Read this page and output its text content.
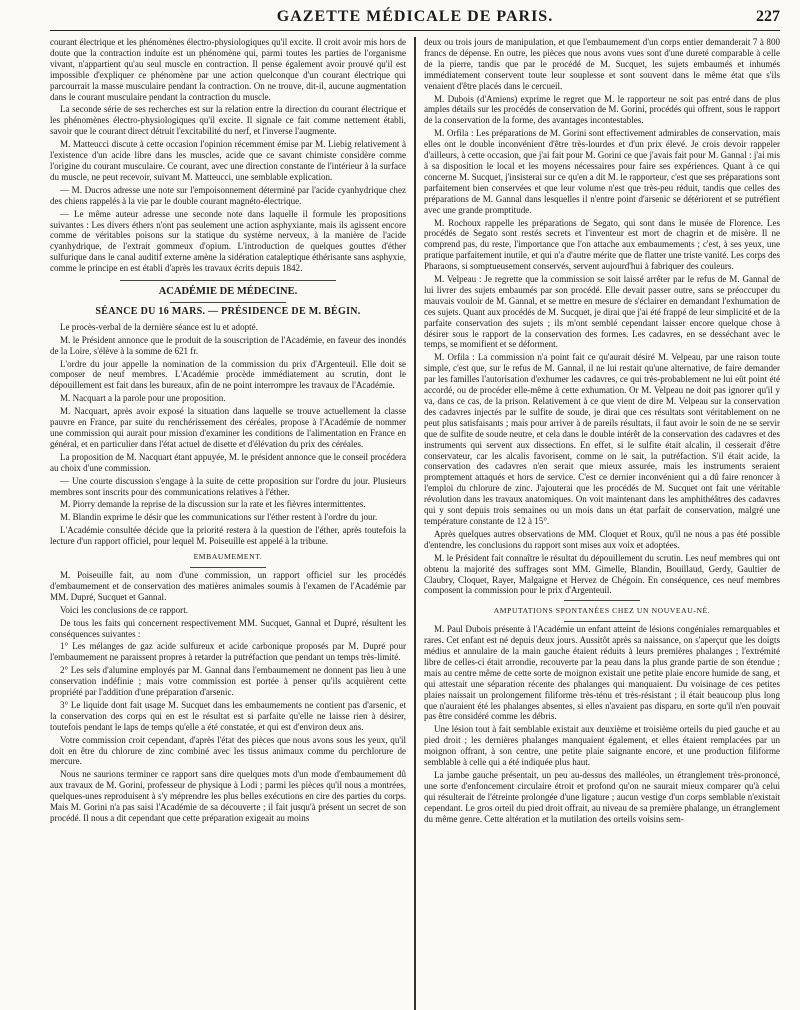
GAZETTE MÉDICALE DE PARIS.	227

courant électrique et les phénomènes électro-physiologiques qu'il excite. Il croit avoir mis hors de doute que la contraction induite est un phénomène qui, parmi toutes les parties de l'organisme vivant, n'appartient qu'au seul muscle en contraction. Il pense également avoir prouvé qu'il est impossible d'expliquer ce phénomène par une action quelconque d'un courant électrique qui parcourrait la masse musculaire pendant la contraction. On ne trouve, dit-il, aucune augmentation dans le courant musculaire pendant la contraction du muscle.

La seconde série de ses recherches est sur la relation entre la direction du courant électrique et les phénomènes électro-physiologiques qu'il excite. Il signale ce fait comme nettement établi, savoir que le courant direct détruit l'excitabilité du nerf, et l'inverse l'augmente.

M. Matteucci discute à cette occasion l'opinion récemment émise par M. Liebig relativement à l'existence d'un acide libre dans les muscles, acide que ce savant chimiste considère comme l'origine du courant musculaire. Ce courant, avec une direction constante de l'intérieur à la surface du muscle, ne peut recevoir, suivant M. Matteucci, une semblable explication.

— M. Ducros adresse une note sur l'empoisonnement déterminé par l'acide cyanhydrique chez des chiens rappelés à la vie par le double courant magnéto-électrique.

— Le même auteur adresse une seconde note dans laquelle il formule les propositions suivantes : Les divers éthers n'ont pas seulement une action asphyxiante, mais ils agissent encore comme de véritables poisons sur la statique du système nerveux, à la manière de l'acide cyanhydrique, de l'extrait gommeux d'opium. L'introduction de quelques gouttes d'éther sulfurique dans le canal auditif externe amène la sidération cataleptique éthérisante sans asphyxie, comme le principe en est établi d'après les travaux écrits depuis 1842.

ACADÉMIE DE MÉDECINE.
SÉANCE DU 16 MARS. — PRÉSIDENCE DE M. BÉGIN.

Le procès-verbal de la dernière séance est lu et adopté.

M. le Président annonce que le produit de la souscription de l'Académie, en faveur des inondés de la Loire, s'élève à la somme de 621 fr.

L'ordre du jour appelle la nomination de la commission du prix d'Argenteuil. Elle doit se composer de neuf membres. L'Académie procède immédiatement au scrutin, dont le dépouillement est fait dans les bureaux, afin de ne point interrompre les travaux de l'Académie.

M. Nacquart a la parole pour une proposition.

M. Nacquart, après avoir exposé la situation dans laquelle se trouve actuellement la classe pauvre en France, par suite du renchérissement des céréales, propose à l'Académie de nommer une commission qui aurait pour mission d'examiner les conditions de l'alimentation en France en général, et en particulier dans l'état actuel de disette et d'élévation du prix des céréales.

La proposition de M. Nacquart étant appuyée, M. le président annonce que le conseil procédera au choix d'une commission.

— Une courte discussion s'engage à la suite de cette proposition sur l'ordre du jour. Plusieurs membres sont inscrits pour des communications relatives à l'éther.

M. Piorry demande la reprise de la discussion sur la rate et les fièvres intermittentes.

M. Blandin exprime le désir que les communications sur l'éther restent à l'ordre du jour.

L'Académie consultée décide que la priorité restera à la question de l'éther, après toutefois la lecture d'un rapport officiel, pour lequel M. Poiseuille est appelé à la tribune.

EMBAUMEMENT.

M. Poiseuille fait, au nom d'une commission, un rapport officiel sur les procédés d'embaumement et de conservation des matières animales soumis à l'examen de l'Académie par MM. Dupré, Sucquet et Gannal.

Voici les conclusions de ce rapport.

De tous les faits qui concernent respectivement MM. Sucquet, Gannal et Dupré, résultent les conséquences suivantes :

1° Les mélanges de gaz acide sulfureux et acide carbonique proposés par M. Dupré pour l'embaumement ne paraissent propres à retarder la putréfaction que pendant un temps très-limité.

2° Les sels d'alumine employés par M. Gannal dans l'embaumement ne donnent pas lieu à une conservation indéfinie ; mais votre commission est portée à penser qu'ils acquièrent cette propriété par l'addition d'une préparation d'arsenic.

3° Le liquide dont fait usage M. Sucquet dans les embaumements ne contient pas d'arsenic, et la conservation des corps qui en est le résultat est si parfaite qu'elle ne laisse rien à désirer, toutefois pendant le laps de temps qu'elle a été constatée, et qui est d'environ deux ans.

Votre commission croit cependant, d'après l'état des pièces que nous avons sous les yeux, qu'il doit en être du chlorure de zinc combiné avec les tissus animaux comme du perchlorure de mercure.

Nous ne saurions terminer ce rapport sans dire quelques mots d'un mode d'embaumement dû aux travaux de M. Gorini, professeur de physique à Lodi ; parmi les pièces qu'il nous a montrées, quelques-unes reproduisent à s'y méprendre les plus belles exécutions en cire des parties du corps. Mais M. Gorini n'a pas saisi l'Académie de sa découverte ; il fait jusqu'à présent un secret de son procédé. Il nous a dit cependant que cette préparation exigeait au moins

deux ou trois jours de manipulation, et que l'embaumement d'un corps entier demanderait 7 à 800 francs de dépense. En outre, les pièces que nous avons vues sont d'une dureté comparable à celle de la pierre, tandis que par le procédé de M. Sucquet, les sujets embaumés et inhumés immédiatement conservent toute leur souplesse et sont souvent dans le même état que s'ils venaient d'être placés dans le cercueil.

M. Dubois (d'Amiens) exprime le regret que M. le rapporteur ne soit pas entré dans de plus amples détails sur les procédés de conservation de M. Gorini, procédés qui offrent, sous le rapport de la conservation de la forme, des avantages incontestables.

M. Orfila : Les préparations de M. Gorini sont effectivement admirables de conservation, mais elles ont le double inconvénient d'être très-lourdes et d'un prix élevé. Je crois devoir rappeler d'ailleurs, à cette occasion, que j'ai fait pour M. Gorini ce que j'avais fait pour M. Gannal : j'ai mis à sa disposition le local et les moyens nécessaires pour faire ses expériences. Quant à ce qui concerne M. Sucquet, j'insisterai sur ce qu'en a dit M. le rapporteur, c'est que ses préparations sont parfaitement bien conservées et que leur volume n'est que très-peu réduit, tandis que celles des préparations de M. Gannal dans lesquelles il n'entre point d'arsenic se détériorent et se putréfient avec une grande promptitude.

M. Rochoux rappelle les préparations de Segato, qui sont dans le musée de Florence. Les procédés de Segato sont restés secrets et l'inventeur est mort de chagrin et de misère. Il ne comprend pas, du reste, l'importance que l'on attache aux embaumements ; c'est, à ses yeux, une pratique parfaitement inutile, et qui n'a d'autre mérite que de flatter une triste vanité. Les corps des Pharaons, si somptueusement conservés, servent aujourd'hui à fabriquer des couleurs.

M. Velpeau : Je regrette que la commission se soit laissé arrêter par le refus de M. Gannal de lui livrer des sujets embaumés par son procédé. Elle devait passer outre, sans se préoccuper du mauvais vouloir de M. Gannal, et se mettre en mesure de s'éclairer en demandant l'exhumation de ces sujets. Quant aux procédés de M. Sucquet, je dirai que j'ai été frappé de leur simplicité et de la parfaite conservation des sujets ; ils m'ont semblé cependant laisser encore quelque chose à désirer sous le rapport de la conservation des formes. Les cadavres, en se desséchant avec le temps, se momifient et se déforment.

M. Orfila : La commission n'a point fait ce qu'aurait désiré M. Velpeau, par une raison toute simple, c'est que, sur le refus de M. Gannal, il ne lui restait qu'une alternative, de faire demander par les familles l'autorisation d'exhumer les cadavres, ce qui très-probablement ne lui eût point été accordé, ou de procéder elle-même à cette exhumation. Or M. Velpeau ne doit pas ignorer qu'il y va, dans ce cas, de la prison. Relativement à ce que vient de dire M. Velpeau sur la conservation des cadavres injectés par le sulfite de soude, je dirai que ces résultats sont véritablement on ne peut plus satisfaisants ; mais pour arriver à de pareils résultats, il faut avoir le soin de ne se servir que de sulfite de soude neutre, et cela dans le double intérêt de la conservation des cadavres et des instruments qui servent aux dissections. En effet, si le sulfite était alcalin, il cesserait d'être conservateur, car les alcalis favorisent, comme on le sait, la putréfaction. S'il était acide, la conservation des cadavres n'en serait que mieux assurée, mais les instruments seraient promptement attaqués et hors de service. C'est ce dernier inconvénient qui a dû faire renoncer à l'emploi du chlorure de zinc. J'ajouterai que les procédés de M. Sucquet ont fait une véritable révolution dans les travaux anatomiques. On voit maintenant dans les amphithéâtres des cadavres qui y sont depuis trois semaines ou un mois dans un état parfait de conservation, malgré une température constante de 12 à 15°.

Après quelques autres observations de MM. Cloquet et Roux, qu'il ne nous a pas été possible d'entendre, les conclusions du rapport sont mises aux voix et adoptées.

M. le Président fait connaître le résultat du dépouillement du scrutin. Les neuf membres qui ont obtenu la majorité des suffrages sont MM. Gimelle, Blandin, Bouillaud, Gerdy, Gaultier de Claubry, Cloquet, Rayer, Malgaigne et Hervez de Chégoin. En conséquence, ces neuf membres composent la commission pour le prix d'Argenteuil.

AMPUTATIONS SPONTANÉES CHEZ UN NOUVEAU-NÉ.

M. Paul Dubois présente à l'Académie un enfant atteint de lésions congéniales remarquables et rares. Cet enfant est né depuis deux jours. Aussitôt après sa naissance, on s'aperçut que les doigts médius et annulaire de la main gauche étaient réduits à leurs premières phalanges ; l'extrémité libre de celles-ci était arrondie, recouverte par la peau dans la plus grande partie de son étendue ; mais au centre même de cette sorte de moignon existait une petite plaie encore humide de sang, et qui attestait une séparation récente des phalanges qui manquaient. Du voisinage de ces petites plaies naissait un prolongement filiforme très-ténu et très-résistant ; il était beaucoup plus long que n'auraient été les phalanges absentes, si elles n'avaient pas disparu, en sorte qu'il n'en pouvait pas être considéré comme les débris.

Une lésion tout à fait semblable existait aux deuxième et troisième orteils du pied gauche et au pied droit ; les dernières phalanges manquaient également, et elles étaient remplacées par un moignon offrant, à son centre, une petite plaie saignante encore, et une production filiforme semblable à celle qui a été indiquée plus haut.

La jambe gauche présentait, un peu au-dessus des malléoles, un étranglement très-prononcé, une sorte d'enfoncement circulaire étroit et profond qu'on ne saurait mieux comparer qu'à celui qui résulterait de l'étreinte prolongée d'une ligature ; aucun vestige d'un corps semblable n'existait cependant. Le gros orteil du pied droit offrait, au niveau de sa première phalange, un étranglement du même genre. Cette altération et la mutilation des orteils voisins sem-
